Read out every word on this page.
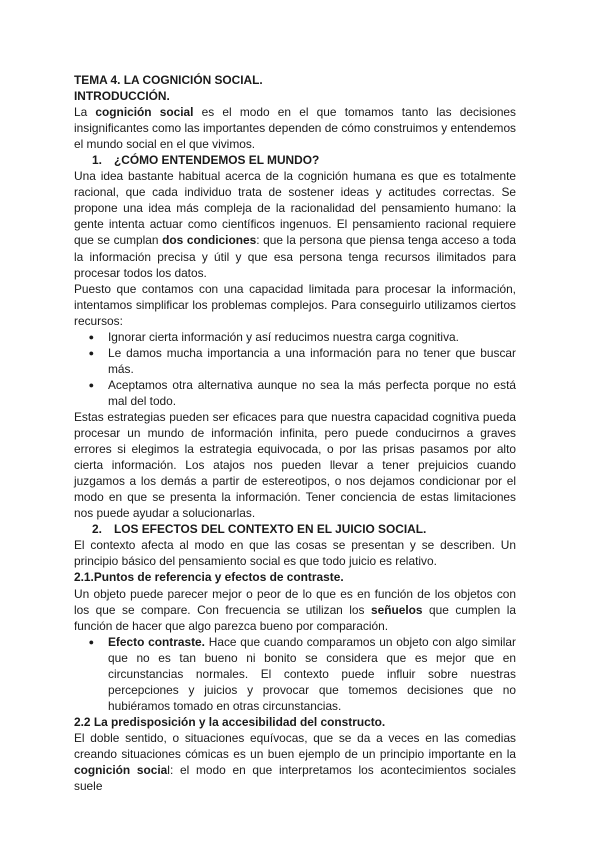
TEMA 4. LA COGNICIÓN SOCIAL.

INTRODUCCIÓN.

La cognición social es el modo en el que tomamos tanto las decisiones insignificantes como las importantes dependen de cómo construimos y entendemos el mundo social en el que vivimos.

1.	¿CÓMO ENTENDEMOS EL MUNDO?

Una idea bastante habitual acerca de la cognición humana es que es totalmente racional, que cada individuo trata de sostener ideas y actitudes correctas. Se propone una idea más compleja de la racionalidad del pensamiento humano: la gente intenta actuar como científicos ingenuos. El pensamiento racional requiere que se cumplan dos condiciones: que la persona que piensa tenga acceso a toda la información precisa y útil y que esa persona tenga recursos ilimitados para procesar todos los datos.

Puesto que contamos con una capacidad limitada para procesar la información, intentamos simplificar los problemas complejos. Para conseguirlo utilizamos ciertos recursos:

●	Ignorar cierta información y así reducimos nuestra carga cognitiva.
●	Le damos mucha importancia a una información para no tener que buscar más.
●	Aceptamos otra alternativa aunque no sea la más perfecta porque no está mal del todo.

Estas estrategias pueden ser eficaces para que nuestra capacidad cognitiva pueda procesar un mundo de información infinita, pero puede conducirnos a graves errores si elegimos la estrategia equivocada, o por las prisas pasamos por alto cierta información. Los atajos nos pueden llevar a tener prejuicios cuando juzgamos a los demás a partir de estereotipos, o nos dejamos condicionar por el modo en que se presenta la información. Tener conciencia de estas limitaciones nos puede ayudar a solucionarlas.

2.	LOS EFECTOS DEL CONTEXTO EN EL JUICIO SOCIAL.

El contexto afecta al modo en que las cosas se presentan y se describen. Un principio básico del pensamiento social es que todo juicio es relativo.

2.1.Puntos de referencia y efectos de contraste.

Un objeto puede parecer mejor o peor de lo que es en función de los objetos con los que se compare. Con frecuencia se utilizan los señuelos que cumplen la función de hacer que algo parezca bueno por comparación.

●	Efecto contraste. Hace que cuando comparamos un objeto con algo similar que no es tan bueno ni bonito se considera que es mejor que en circunstancias normales. El contexto puede influir sobre nuestras percepciones y juicios y provocar que tomemos decisiones que no hubiéramos tomado en otras circunstancias.

2.2 La predisposición y la accesibilidad del constructo.

El doble sentido, o situaciones equívocas, que se da a veces en las comedias creando situaciones cómicas es un buen ejemplo de un principio importante en la cognición social: el modo en que interpretamos los acontecimientos sociales suele
